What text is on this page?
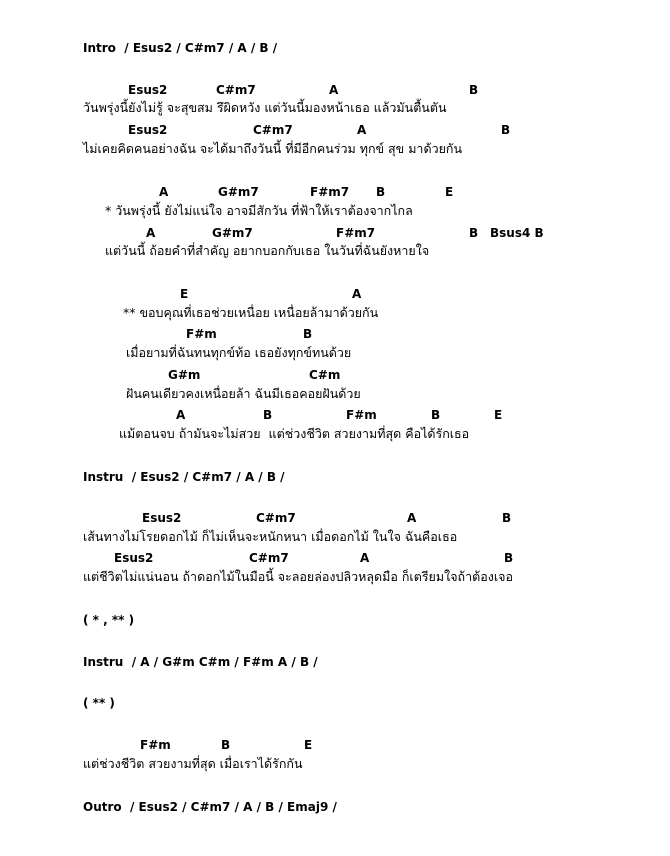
Intro  / Esus2 / C#m7 / A / B /
Esus2	C#m7	A	B
วันพรุ่งนี้ยังไม่รู้ จะสุขสม รึผิดหวัง แต่วันนี้มองหน้าเธอ แล้วมันตื้นตัน
Esus2	C#m7	A	B
ไม่เคยคิดคนอย่างฉัน จะได้มาถึงวันนี้ ที่มีอีกคนร่วม ทุกข์ สุข มาด้วยกัน
A	G#m7	F#m7 B	E
* วันพรุ่งนี้ ยังไม่แน่ใจ อาจมีสักวัน ที่ฟ้าให้เราต้องจากไกล
A	G#m7	F#m7	B Bsus4 B
แต่วันนี้ ถ้อยคำที่สำคัญ อยากบอกกับเธอ ในวันที่ฉันยังหายใจ
E	A
** ขอบคุณที่เธอช่วยเหนื่อย เหนื่อยล้ามาด้วยกัน
F#m	B
เมื่อยามที่ฉันทนทุกข์ท้อ เธอยังทุกข์ทนด้วย
G#m	C#m
ฝันคนเดียวคงเหนื่อยล้า ฉันมีเธอคอยฝันด้วย
A	B	F#m	B	E
แม้ตอนจบ ถ้ามันจะไม่สวย  แต่ช่วงชีวิต สวยงามที่สุด คือได้รักเธอ
Instru  / Esus2 / C#m7 / A / B /
Esus2	C#m7	A	B
เส้นทางไม่โรยดอกไม้ ก็ไม่เห็นจะหนักหนา เมื่อดอกไม้ ในใจ ฉันคือเธอ
Esus2	C#m7	A	B
แต่ชีวิตไม่แน่นอน ถ้าดอกไม้ในมือนี้ จะลอยล่องปลิวหลุดมือ ก็เตรียมใจถ้าต้องเจอ
( * , ** )
Instru  / A / G#m C#m / F#m A / B /
( ** )
F#m	B	E
แต่ช่วงชีวิต สวยงามที่สุด เมื่อเราได้รักกัน
Outro  / Esus2 / C#m7 / A / B / Emaj9 /
